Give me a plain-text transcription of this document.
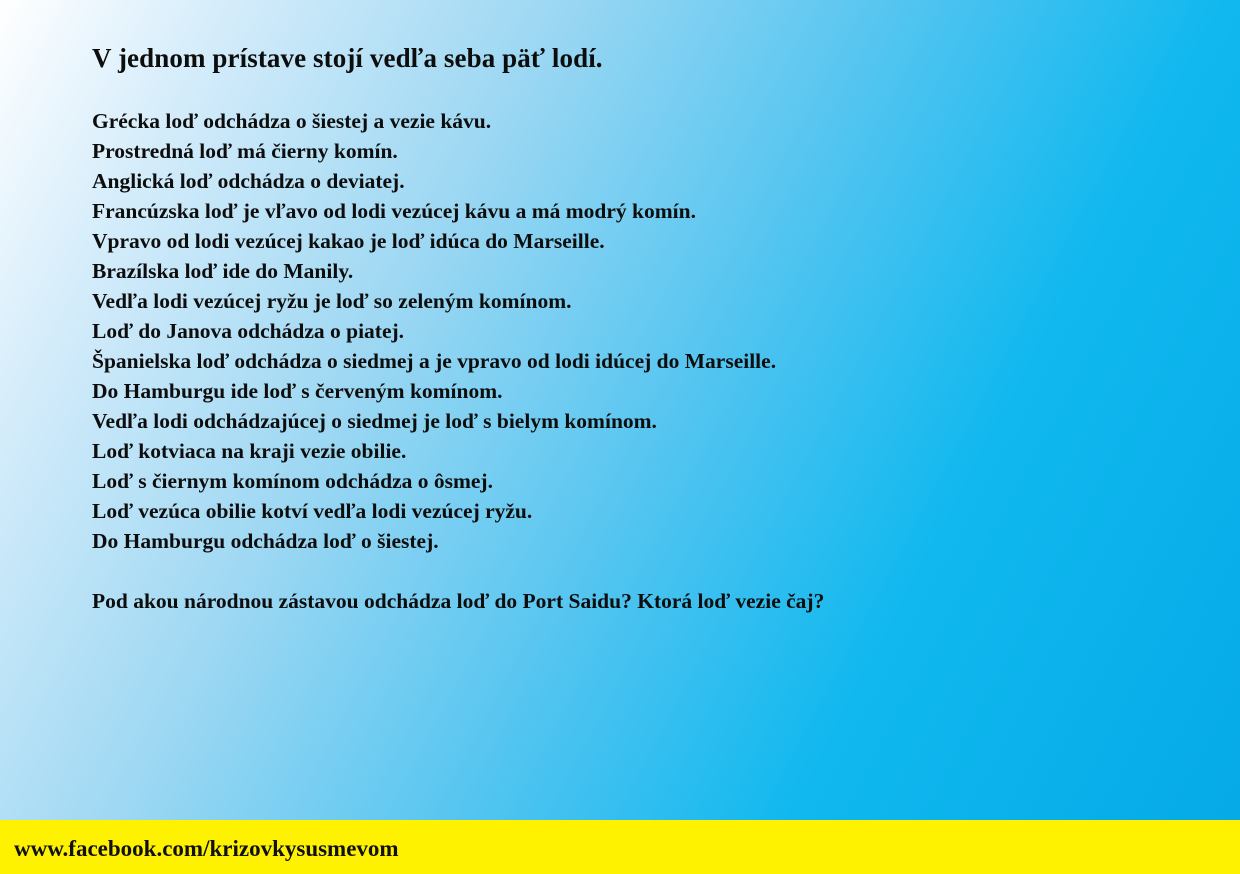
V jednom prístave stojí vedľa seba päť lodí.
Grécka loď odchádza o šiestej a vezie kávu.
Prostredná loď má čierny komín.
Anglická loď odchádza o deviatej.
Francúzska loď je vľavo od lodi vezúcej kávu a má modrý komín.
Vpravo od lodi vezúcej kakao je loď idúca do Marseille.
Brazílska loď ide do Manily.
Vedľa lodi vezúcej ryžu je loď so zeleným komínom.
Loď do Janova odchádza o piatej.
Španielska loď odchádza o siedmej a je vpravo od lodi idúcej do Marseille.
Do Hamburgu ide loď s červeným komínom.
Vedľa lodi odchádzajúcej o siedmej je loď s bielym komínom.
Loď kotviaca na kraji vezie obilie.
Loď s čiernym komínom odchádza o ôsmej.
Loď vezúca obilie kotví vedľa lodi vezúcej ryžu.
Do Hamburgu odchádza loď o šiestej.

Pod akou národnou zástavou odchádza loď do Port Saidu? Ktorá loď vezie čaj?

www.facebook.com/krizovkysusmevom
